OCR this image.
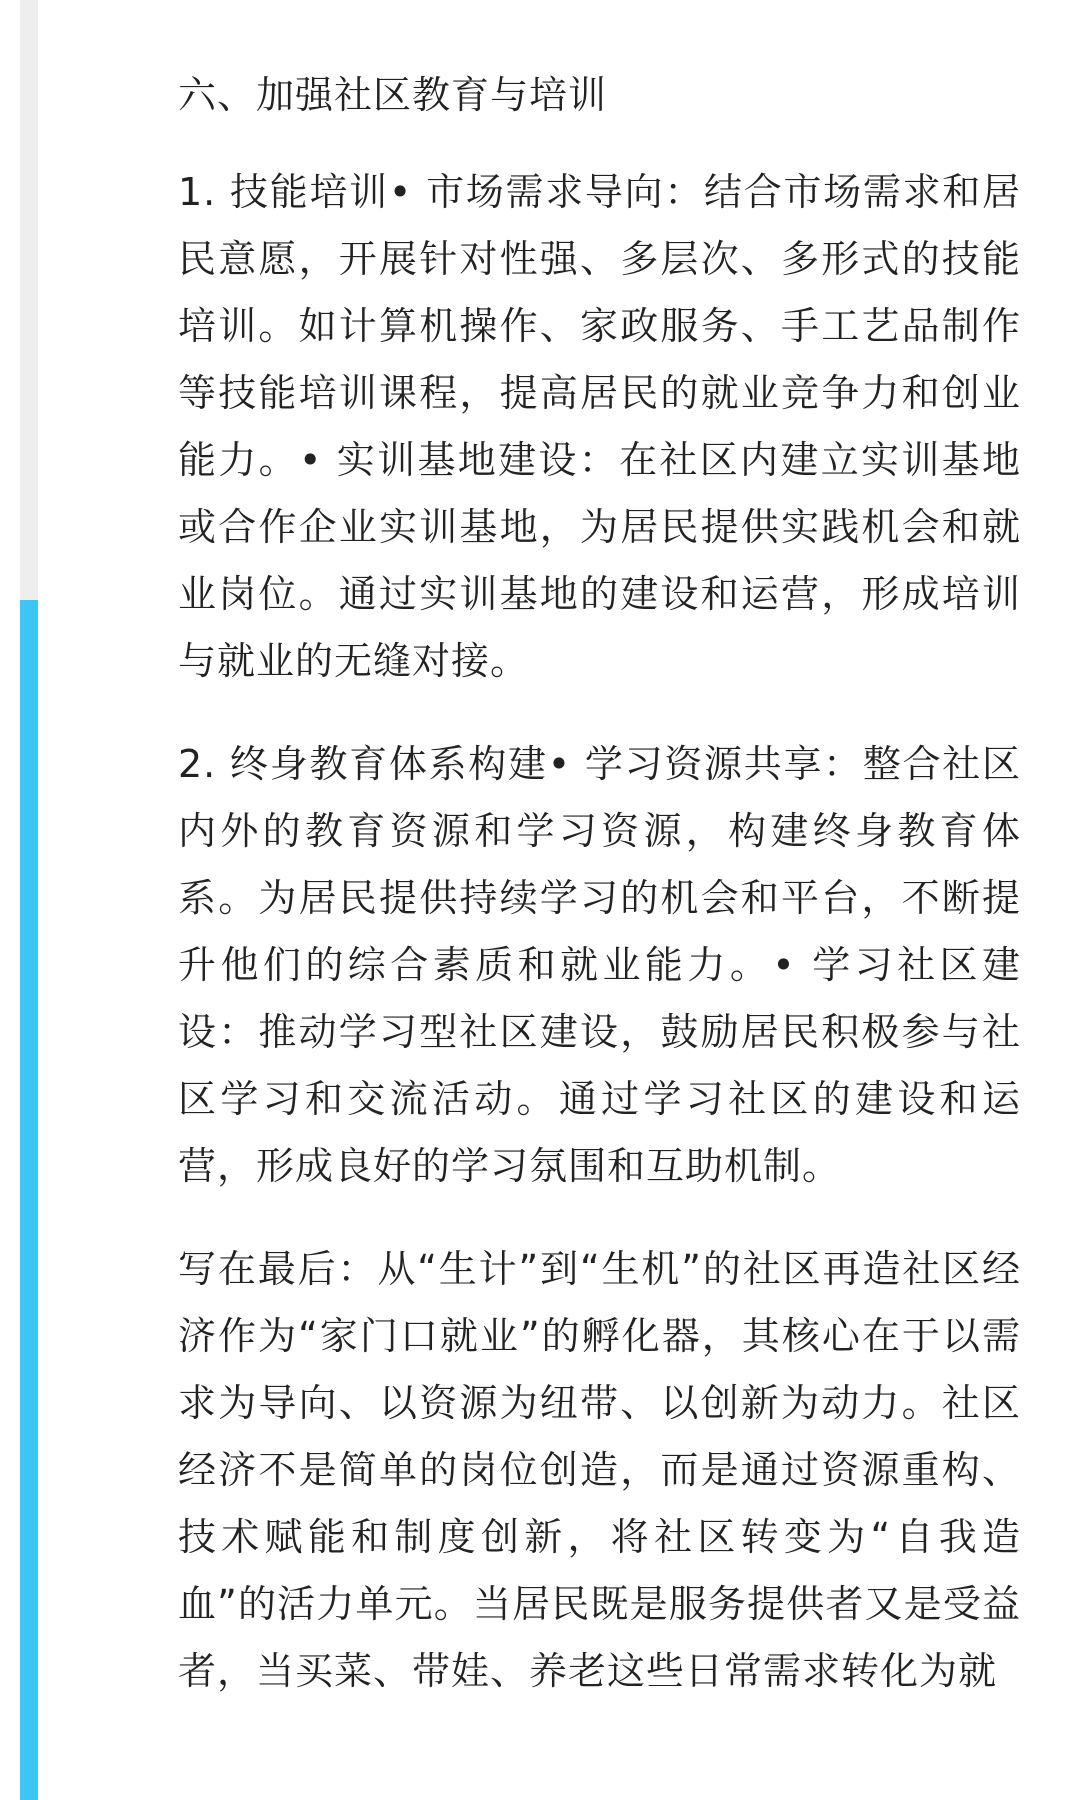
六、加强社区教育与培训

1. 技能培训• 市场需求导向：结合市场需求和居民意愿，开展针对性强、多层次、多形式的技能培训。如计算机操作、家政服务、手工艺品制作等技能培训课程，提高居民的就业竞争力和创业能力。• 实训基地建设：在社区内建立实训基地或合作企业实训基地，为居民提供实践机会和就业岗位。通过实训基地的建设和运营，形成培训与就业的无缝对接。

2. 终身教育体系构建• 学习资源共享：整合社区内外的教育资源和学习资源，构建终身教育体系。为居民提供持续学习的机会和平台，不断提升他们的综合素质和就业能力。• 学习社区建设：推动学习型社区建设，鼓励居民积极参与社区学习和交流活动。通过学习社区的建设和运营，形成良好的学习氛围和互助机制。

写在最后：从“生计”到“生机”的社区再造社区经济作为“家门口就业”的孵化器，其核心在于以需求为导向、以资源为纽带、以创新为动力。社区经济不是简单的岗位创造，而是通过资源重构、技术赋能和制度创新，将社区转变为“自我造血”的活力单元。当居民既是服务提供者又是受益者，当买菜、带娃、养老这些日常需求转化为就
